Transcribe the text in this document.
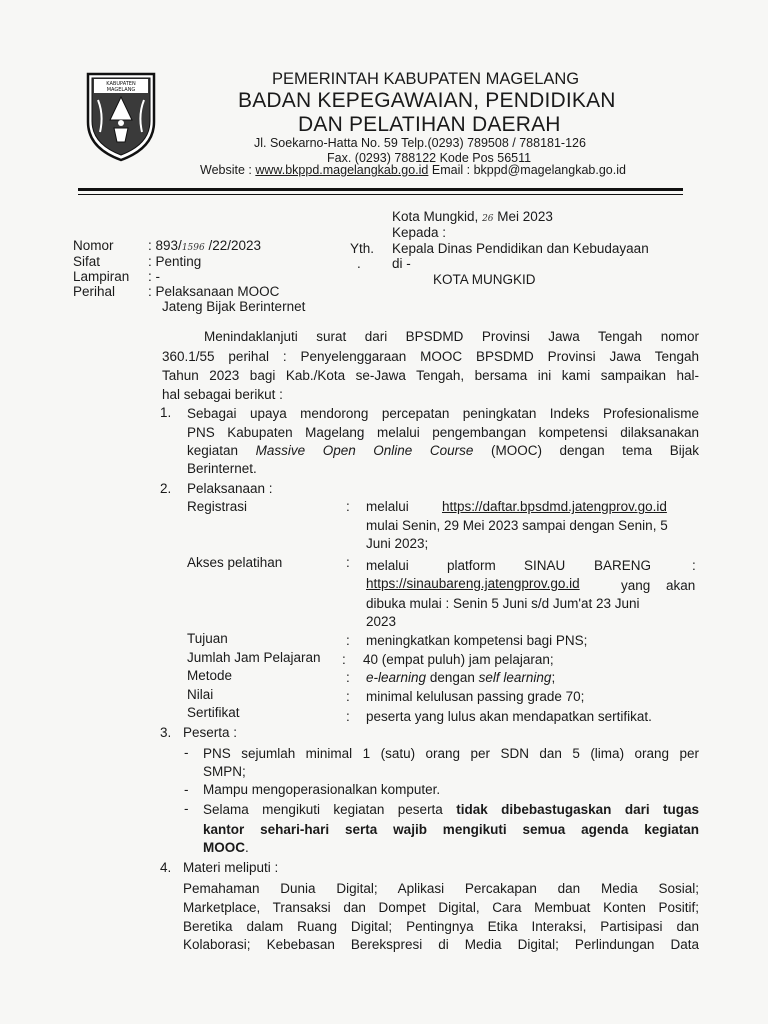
KABUPATEN
MAGELANG
PEMERINTAH KABUPATEN MAGELANG
BADAN KEPEGAWAIAN, PENDIDIKAN
DAN PELATIHAN DAERAH
Jl. Soekarno-Hatta No. 59 Telp.(0293) 789508 / 788181-126
Fax. (0293) 788122 Kode Pos 56511
Website : www.bkppd.magelangkab.go.id Email : bkppd@magelangkab.go.id
Kota Mungkid, 26 Mei 2023
Kepada :
Yth.
.
Kepala Dinas Pendidikan dan Kebudayaan
di -
KOTA MUNGKID
Nomor	: 893/1596 /22/2023
Sifat	: Penting
Lampiran : -
Perihal : Pelaksanaan MOOC
Jateng Bijak Berinternet
Menindaklanjuti surat dari BPSDMD Provinsi Jawa Tengah nomor
360.1/55 perihal : Penyelenggaraan MOOC BPSDMD Provinsi Jawa Tengah
Tahun 2023 bagi Kab./Kota se-Jawa Tengah, bersama ini kami sampaikan hal-
hal sebagai berikut :
1. Sebagai upaya mendorong percepatan peningkatan Indeks Profesionalisme
PNS Kabupaten Magelang melalui pengembangan kompetensi dilaksanakan
kegiatan Massive Open Online Course (MOOC) dengan tema Bijak
Berinternet.
2. Pelaksanaan :
Registrasi	: melalui https://daftar.bpsdmd.jatengprov.go.id
mulai Senin, 29 Mei 2023 sampai dengan Senin, 5
Juni 2023;
Akses pelatihan	: melalui	platform SINAU BARENG	:
https://sinaubareng.jatengprov.go.id	yang akan
dibuka mulai : Senin 5 Juni s/d Jum'at 23 Juni
2023
Tujuan	: meningkatkan kompetensi bagi PNS;
Jumlah Jam Pelajaran : 40 (empat puluh) jam pelajaran;
Metode	: e-learning dengan self learning;
Nilai	: minimal kelulusan passing grade 70;
Sertifikat	: peserta yang lulus akan mendapatkan sertifikat.
3. Peserta :
- PNS sejumlah minimal 1 (satu) orang per SDN dan 5 (lima) orang per
SMPN;
- Mampu mengoperasionalkan komputer.
- Selama mengikuti kegiatan peserta tidak dibebastugaskan dari tugas
kantor sehari-hari serta wajib mengikuti semua agenda kegiatan
MOOC.
4. Materi meliputi :
Pemahaman Dunia Digital; Aplikasi Percakapan dan Media Sosial;
Marketplace, Transaksi dan Dompet Digital, Cara Membuat Konten Positif;
Beretika dalam Ruang Digital; Pentingnya Etika Interaksi, Partisipasi dan
Kolaborasi; Kebebasan Berekspresi di Media Digital; Perlindungan Data
